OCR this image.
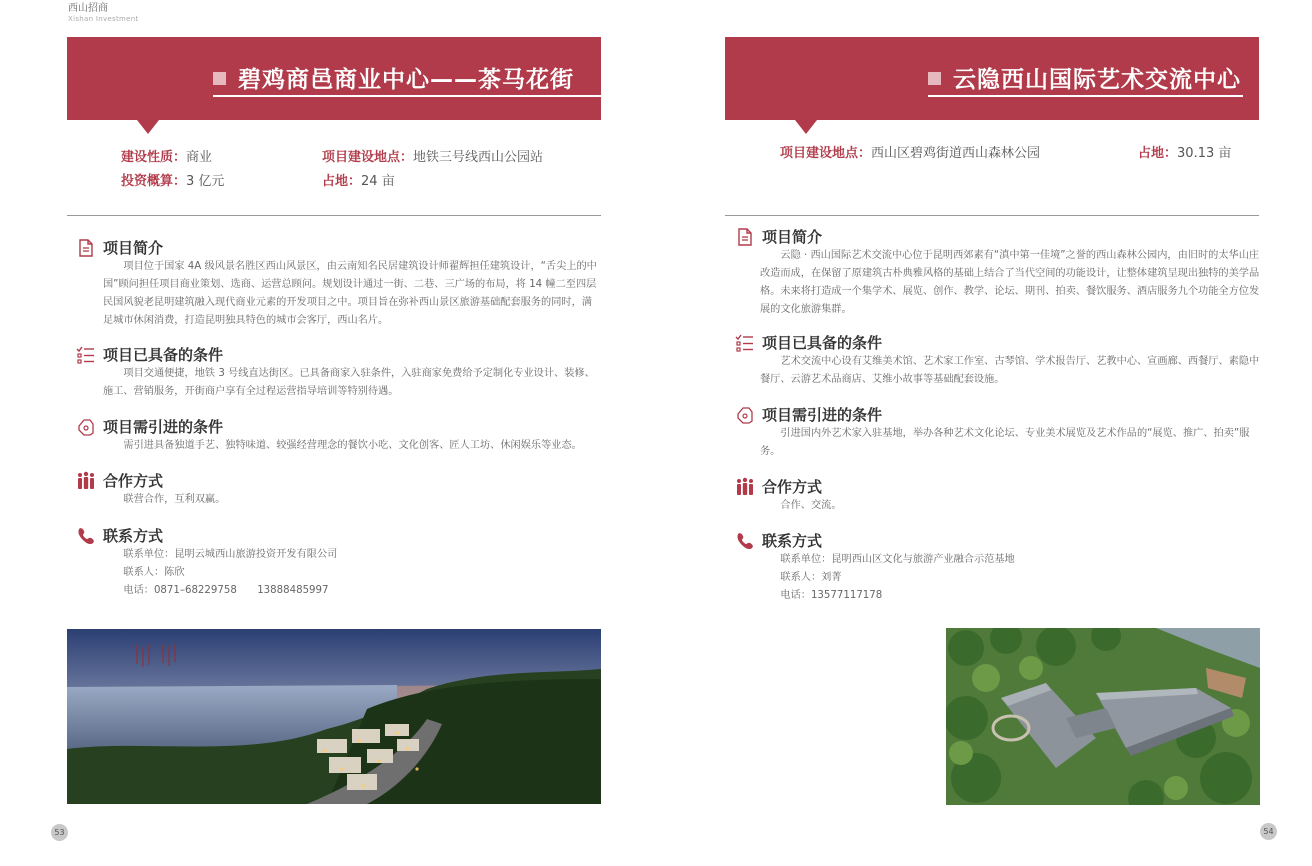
西山招商
Xishan Investment
碧鸡商邑商业中心——茶马花街
建设性质：商业	项目建设地点：地铁三号线西山公园站
投资概算：3 亿元	占地：24 亩
项目简介

项目位于国家 4A 级风景名胜区西山风景区，由云南知名民居建筑设计师翟辉担任建筑设计，“舌尖上的中国”顾问担任项目商业策划、选商、运营总顾问。规划设计通过一街、二巷、三广场的布局，将 14 幢二至四层民国风貌老昆明建筑融入现代商业元素的开发项目之中。项目旨在弥补西山景区旅游基础配套服务的同时，满足城市休闲消费，打造昆明独具特色的城市会客厅，西山名片。

项目已具备的条件

项目交通便捷，地铁 3 号线直达街区。已具备商家入驻条件，入驻商家免费给予定制化专业设计、装修、施工、营销服务，开街商户享有全过程运营指导培训等特别待遇。

项目需引进的条件
需引进具备独道手艺、独特味道、较强经营理念的餐饮小吃、文化创客、匠人工坊、休闲娱乐等业态。
合作方式
联营合作，互利双赢。
联系方式
联系单位：昆明云城西山旅游投资开发有限公司
联系人：陈欣
电话：0871–68229758　　13888485997
53
云隐西山国际艺术交流中心
项目建设地点：西山区碧鸡街道西山森林公园	占地：30.13 亩
项目简介

云隐 · 西山国际艺术交流中心位于昆明西郊素有“滇中第一佳境”之誉的西山森林公园内，由旧时的太华山庄改造而成，在保留了原建筑古朴典雅风格的基础上结合了当代空间的功能设计，让整体建筑呈现出独特的美学品格。未来将打造成一个集学术、展览、创作、教学、论坛、期刊、拍卖、餐饮服务、酒店服务九个功能全方位发展的文化旅游集群。

项目已具备的条件

艺术交流中心设有艾维美术馆、艺术家工作室、古琴馆、学术报告厅、艺教中心、宣画廊、西餐厅、素隐中餐厅、云游艺术品商店、艾维小故事等基础配套设施。

项目需引进的条件

引进国内外艺术家入驻基地，举办各种艺术文化论坛、专业美术展览及艺术作品的“展览、推广、拍卖”服务。

合作方式
合作、交流。
联系方式
联系单位：昆明西山区文化与旅游产业融合示范基地
联系人：刘菁
电话：13577117178
54
